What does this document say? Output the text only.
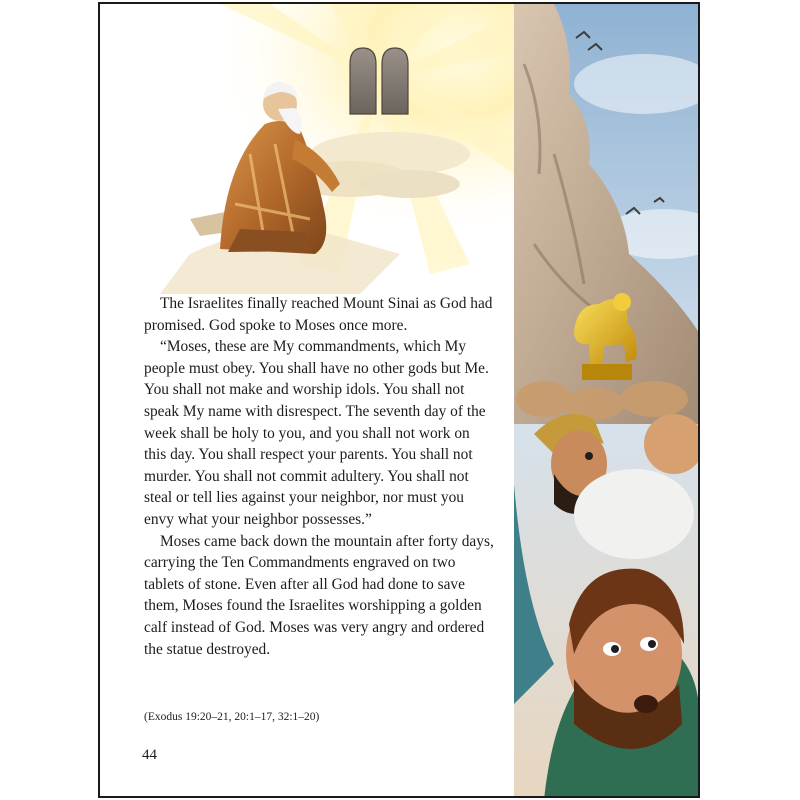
The Israelites finally reached Mount Sinai as God had promised. God spoke to Moses once more.

“Moses, these are My commandments, which My people must obey. You shall have no other gods but Me. You shall not make and worship idols. You shall not speak My name with disrespect. The seventh day of the week shall be holy to you, and you shall not work on this day. You shall respect your parents. You shall not murder. You shall not commit adultery. You shall not steal or tell lies against your neighbor, nor must you envy what your neighbor possesses.”

Moses came back down the mountain after forty days, carrying the Ten Commandments engraved on two tablets of stone. Even after all God had done to save them, Moses found the Israelites worshipping a golden calf instead of God. Moses was very angry and ordered the statue destroyed.

(Exodus 19:20–21, 20:1–17, 32:1–20)
44
